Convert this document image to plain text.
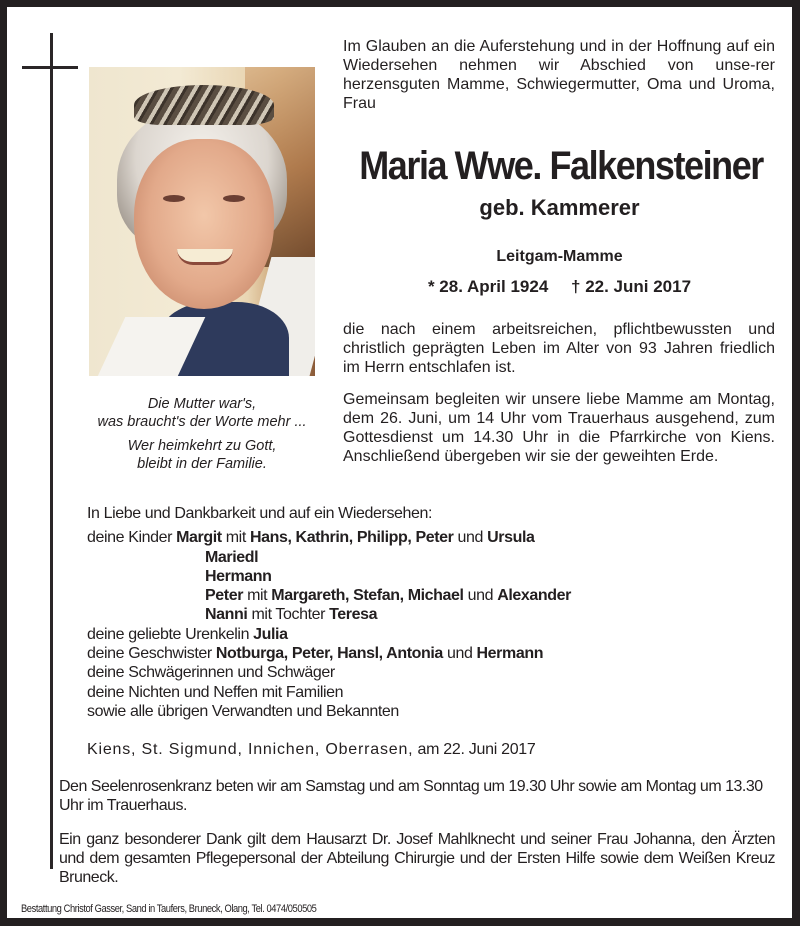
Die Mutter war's,
was braucht's der Worte mehr ...
Wer heimkehrt zu Gott,
bleibt in der Familie.

Im Glauben an die Auferstehung und in der Hoffnung auf ein Wiedersehen nehmen wir Abschied von unse-rer herzensguten Mamme, Schwiegermutter, Oma und Uroma, Frau

Maria Wwe. Falkensteiner
geb. Kammerer
Leitgam-Mamme
* 28. April 1924 † 22. Juni 2017
die nach einem arbeitsreichen, pflichtbewussten und christlich geprägten Leben im Alter von 93 Jahren friedlich im Herrn entschlafen ist.
Gemeinsam begleiten wir unsere liebe Mamme am Montag, dem 26. Juni, um 14 Uhr vom Trauerhaus ausgehend, zum Gottesdienst um 14.30 Uhr in die Pfarrkirche von Kiens. Anschließend übergeben wir sie der geweihten Erde.
In Liebe und Dankbarkeit und auf ein Wiedersehen:
deine Kinder Margit mit Hans, Kathrin, Philipp, Peter und Ursula
Mariedl
Hermann
Peter mit Margareth, Stefan, Michael und Alexander
Nanni mit Tochter Teresa
deine geliebte Urenkelin Julia
deine Geschwister Notburga, Peter, Hansl, Antonia und Hermann
deine Schwägerinnen und Schwäger
deine Nichten und Neffen mit Familien
sowie alle übrigen Verwandten und Bekannten
Kiens, St. Sigmund, Innichen, Oberrasen, am 22. Juni 2017
Den Seelenrosenkranz beten wir am Samstag und am Sonntag um 19.30 Uhr sowie am Montag um 13.30 Uhr im Trauerhaus.

Ein ganz besonderer Dank gilt dem Hausarzt Dr. Josef Mahlknecht und seiner Frau Johanna, den Ärzten und dem gesamten Pflegepersonal der Abteilung Chirurgie und der Ersten Hilfe sowie dem Weißen Kreuz Bruneck.

Bestattung Christof Gasser, Sand in Taufers, Bruneck, Olang, Tel. 0474/050505
